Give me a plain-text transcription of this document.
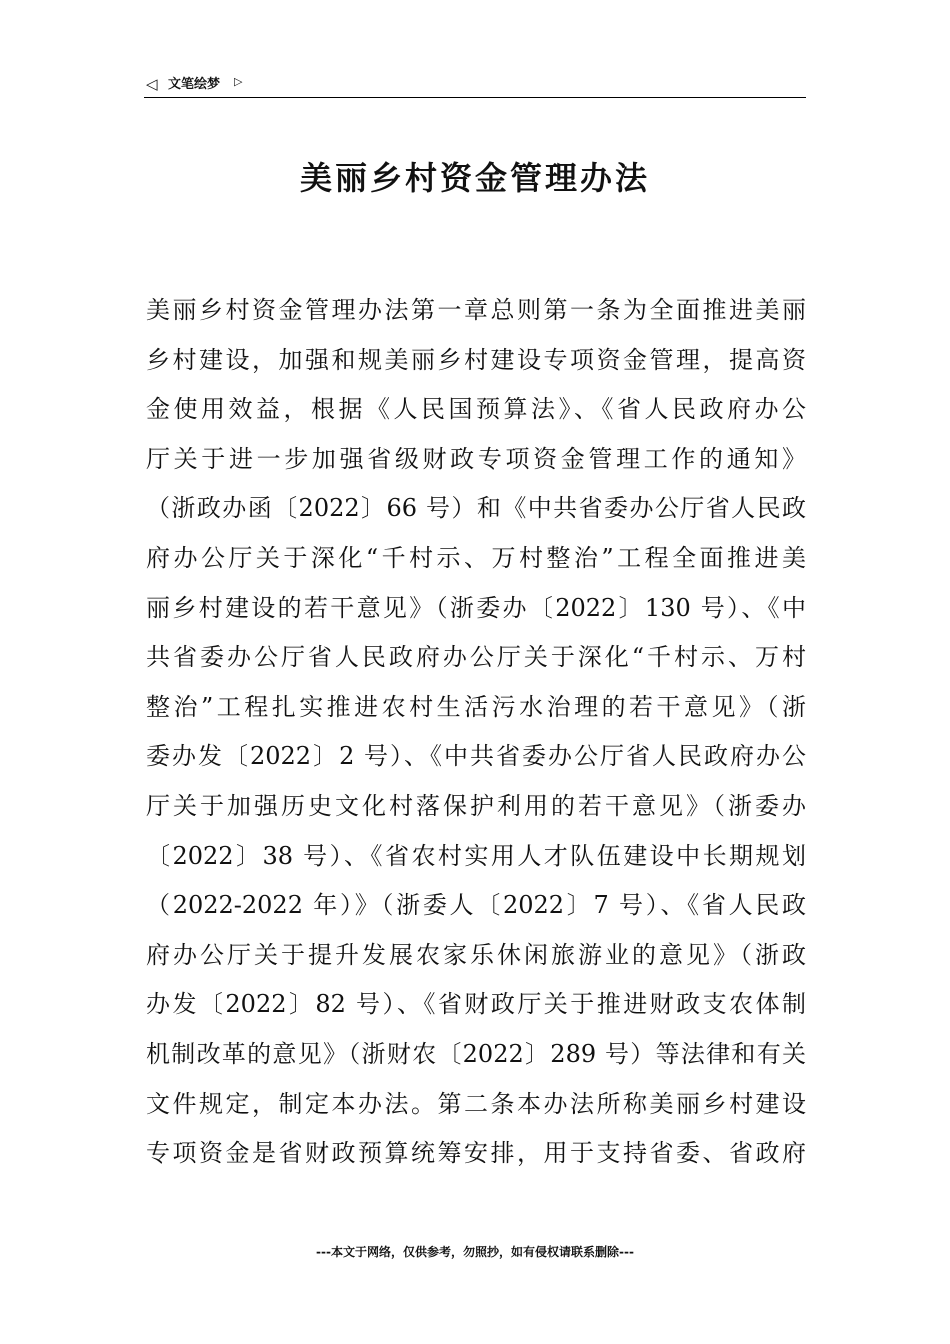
◁ 文笔绘梦 ▷
美丽乡村资金管理办法
美丽乡村资金管理办法第一章总则第一条为全面推进美丽
乡村建设，加强和规美丽乡村建设专项资金管理，提高资
金使用效益，根据《人民国预算法》、《省人民政府办公
厅关于进一步加强省级财政专项资金管理工作的通知》
（浙政办函〔2022〕66 号）和《中共省委办公厅省人民政
府办公厅关于深化“千村示、万村整治”工程全面推进美
丽乡村建设的若干意见》（浙委办〔2022〕130 号）、《中
共省委办公厅省人民政府办公厅关于深化“千村示、万村
整治”工程扎实推进农村生活污水治理的若干意见》（浙
委办发〔2022〕2 号）、《中共省委办公厅省人民政府办公
厅关于加强历史文化村落保护利用的若干意见》（浙委办
〔2022〕38 号）、《省农村实用人才队伍建设中长期规划
（2022-2022 年）》（浙委人〔2022〕7 号）、《省人民政
府办公厅关于提升发展农家乐休闲旅游业的意见》（浙政
办发〔2022〕82 号）、《省财政厅关于推进财政支农体制
机制改革的意见》（浙财农〔2022〕289 号）等法律和有关
文件规定，制定本办法。第二条本办法所称美丽乡村建设
专项资金是省财政预算统筹安排，用于支持省委、省政府
---本文于网络，仅供参考，勿照抄，如有侵权请联系删除---
